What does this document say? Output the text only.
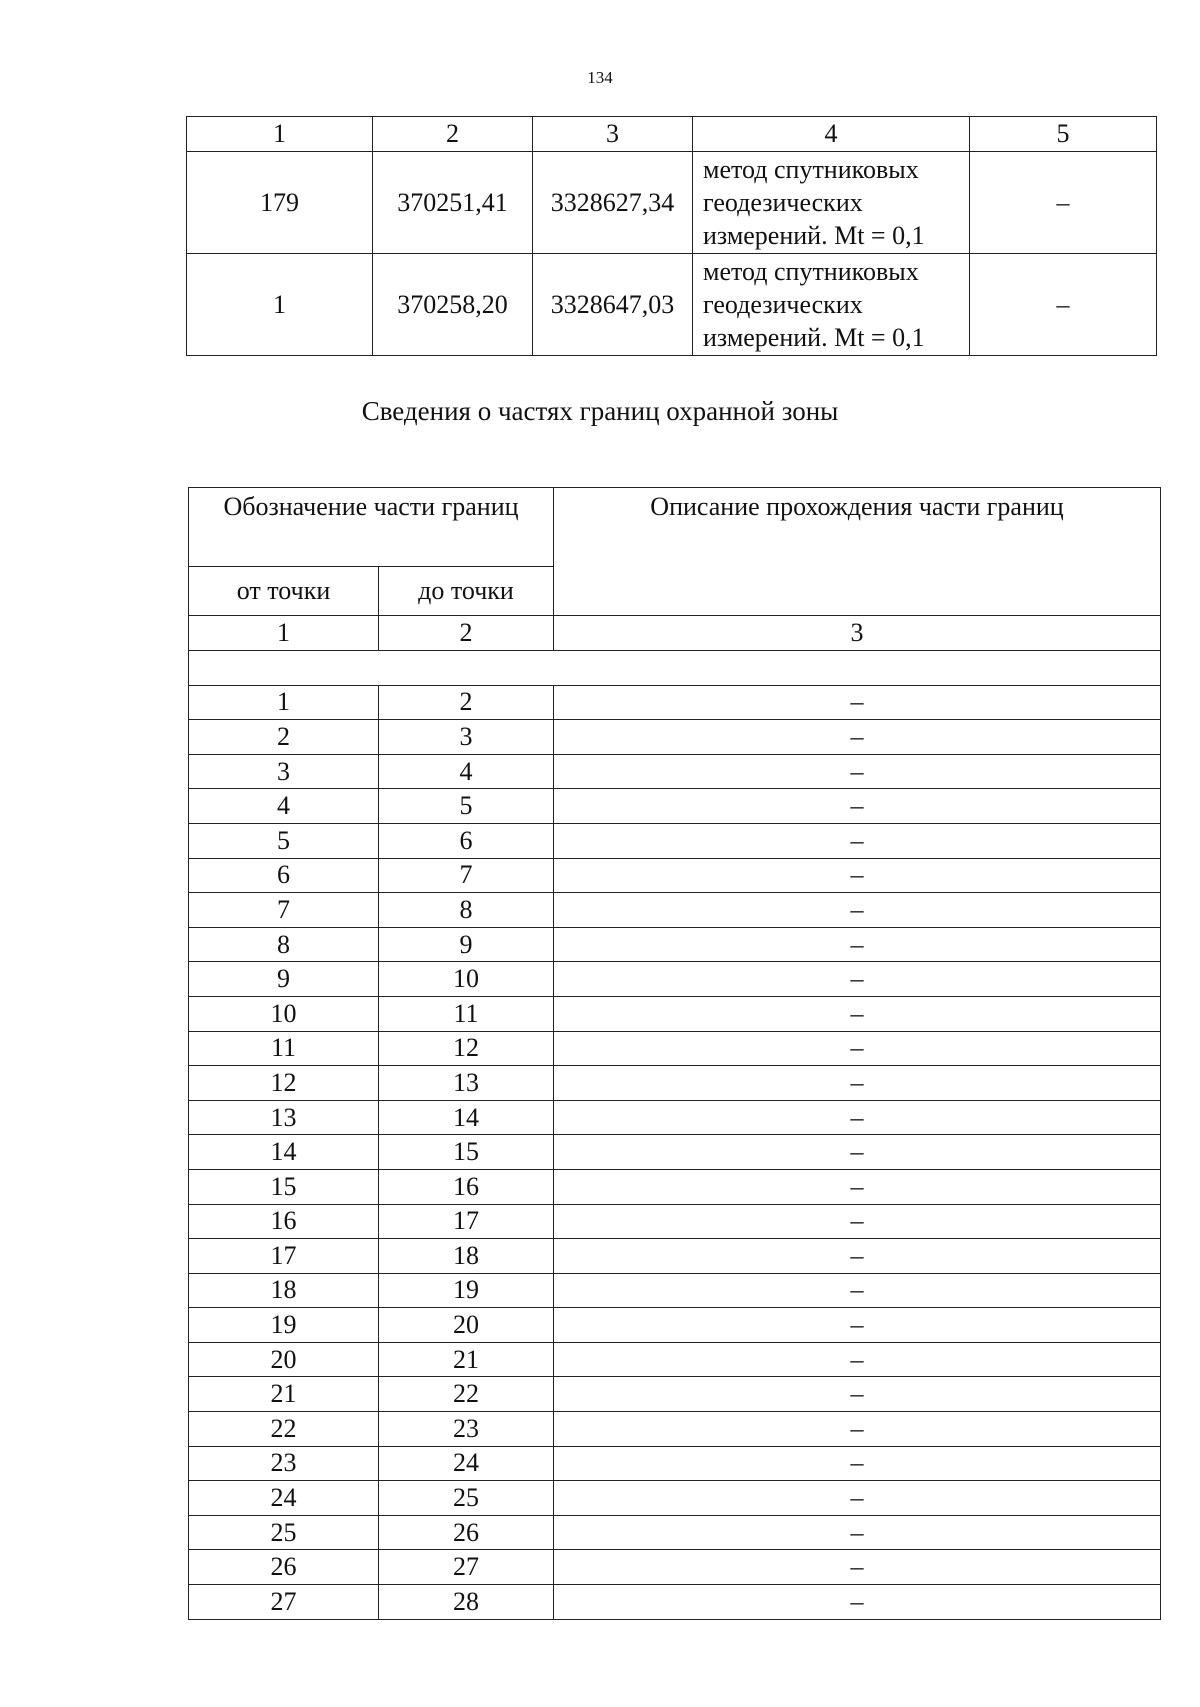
134
1	2	3	4	5
179	370251,41	3328627,34	метод спутниковых
геодезических
измерений. Mt = 0,1	–
1	370258,20	3328647,03	метод спутниковых
геодезических
измерений. Mt = 0,1	–
Сведения о частях границ охранной зоны
Обозначение части границ		Описание прохождения части границ
от точки	до точки	
1	2	3

1	2	–
2	3	–
3	4	–
4	5	–
5	6	–
6	7	–
7	8	–
8	9	–
9	10	–
10	11	–
11	12	–
12	13	–
13	14	–
14	15	–
15	16	–
16	17	–
17	18	–
18	19	–
19	20	–
20	21	–
21	22	–
22	23	–
23	24	–
24	25	–
25	26	–
26	27	–
27	28	–
